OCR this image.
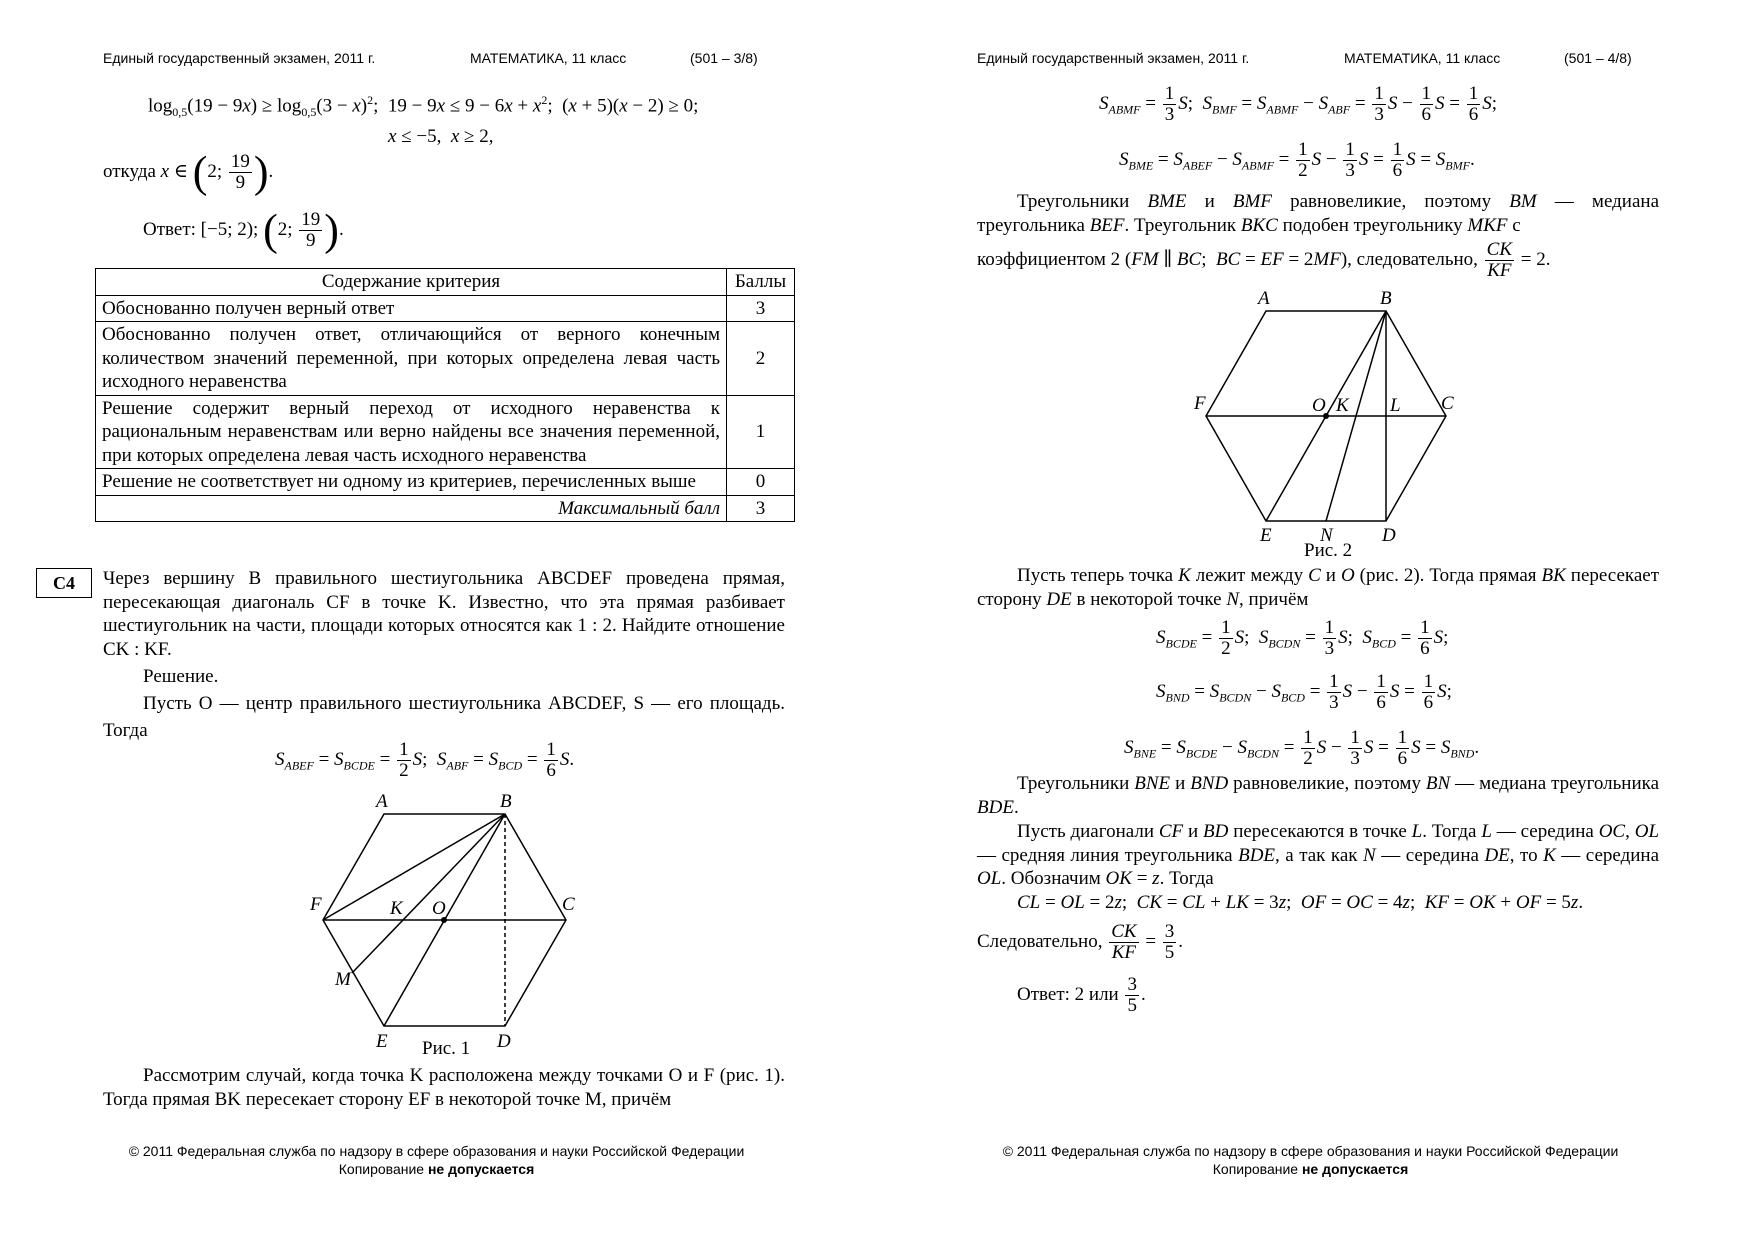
Единый государственный экзамен, 2011 г.	МАТЕМАТИКА, 11 класс	(501 – 3/8)
$\log_{0,5}(19 - 9x) \ge \log_{0,5}(3 - x)^2$;  $19 - 9x \le 9 - 6x + x^2$;  (x + 5)(x − 2) ≥ 0;
x ≤ −5,  x ≥ 2,
откуда x ∈ (2; $\frac{19}{9}$ ).
Ответ: [−5; 2); (2; $\frac{19}{9}$ ).
Содержание критерия	Баллы
Обоснованно получен верный ответ	3
Обоснованно получен ответ, отличающийся от верного конечным количеством значений переменной, при которых определена левая часть исходного неравенства	2
Решение содержит верный переход от исходного неравенства к рациональным неравенствам или верно найдены все значения переменной, при которых определена левая часть исходного неравенства	1
Решение не соответствует ни одному из критериев, перечисленных выше	0
Максимальный балл	3
C4	Через вершину B правильного шестиугольника ABCDEF проведена прямая, пересекающая диагональ CF в точке K. Известно, что эта прямая разбивает шестиугольник на части, площади которых относятся как 1 : 2. Найдите отношение CK : KF.
Решение.
Пусть O — центр правильного шестиугольника ABCDEF, S — его площадь. Тогда
$S_{ABEF} = S_{BCDE} = \frac{1}{2} S$;  $S_{ABF} = S_{BCD} = \frac{1}{6} S$.
A	B
C
D
E
F	K O
M
Рис. 1
Рассмотрим случай, когда точка K расположена между точками O и F (рис. 1). Тогда прямая BK пересекает сторону EF в некоторой точке M, причём
© 2011 Федеральная служба по надзору в сфере образования и науки Российской Федерации
Копирование не допускается
Единый государственный экзамен, 2011 г.	МАТЕМАТИКА, 11 класс	(501 – 4/8)
$S_{ABMF} = \frac{1}{3} S$;  $S_{BMF} = S_{ABMF} - S_{ABF} = \frac{1}{3}$ $S - \frac{1}{6}$ $S = \frac{1}{6} S$;
$S_{BME} = S_{ABEF} - S_{ABMF} = \frac{1}{2}$ $S - \frac{1}{3}$ $S = \frac{1}{6}$ $S = S_{BMF}$.
Треугольники BME и BMF равновеликие, поэтому BM — медиана треугольника BEF. Треугольник BKC подобен треугольнику MKF с
коэффициентом 2 (FM ∥ BC;  BC = EF = 2MF), следовательно, $\frac{CK}{KF} = 2$.
A	B
C
D
E
F	O K L
N
Рис. 2
Пусть теперь точка K лежит между C и O (рис. 2). Тогда прямая BK пересекает сторону DE в некоторой точке N, причём
$S_{BCDE} = \frac{1}{2} S$;  $S_{BCDN} = \frac{1}{3} S$;  $S_{BCD} = \frac{1}{6} S$;
$S_{BND} = S_{BCDN} - S_{BCD} = \frac{1}{3}$ $S - \frac{1}{6}$ $S = \frac{1}{6} S$;
$S_{BNE} = S_{BCDE} - S_{BCDN} = \frac{1}{2}$ $S - \frac{1}{3}$ $S = \frac{1}{6}$ $S = S_{BND}$.
Треугольники BNE и BND равновеликие, поэтому BN — медиана треугольника BDE.
Пусть диагонали CF и BD пересекаются в точке L. Тогда L — середина OC, OL — средняя линия треугольника BDE, а так как N — середина DE, то K — середина OL. Обозначим OK = z. Тогда
CL = OL = 2z;  CK = CL + LK = 3z;  OF = OC = 4z;  KF = OK + OF = 5z.
Следовательно, $\frac{CK}{KF} = \frac{3}{5}$ .
Ответ: 2 или $\frac{3}{5}$ .
© 2011 Федеральная служба по надзору в сфере образования и науки Российской Федерации
Копирование не допускается
